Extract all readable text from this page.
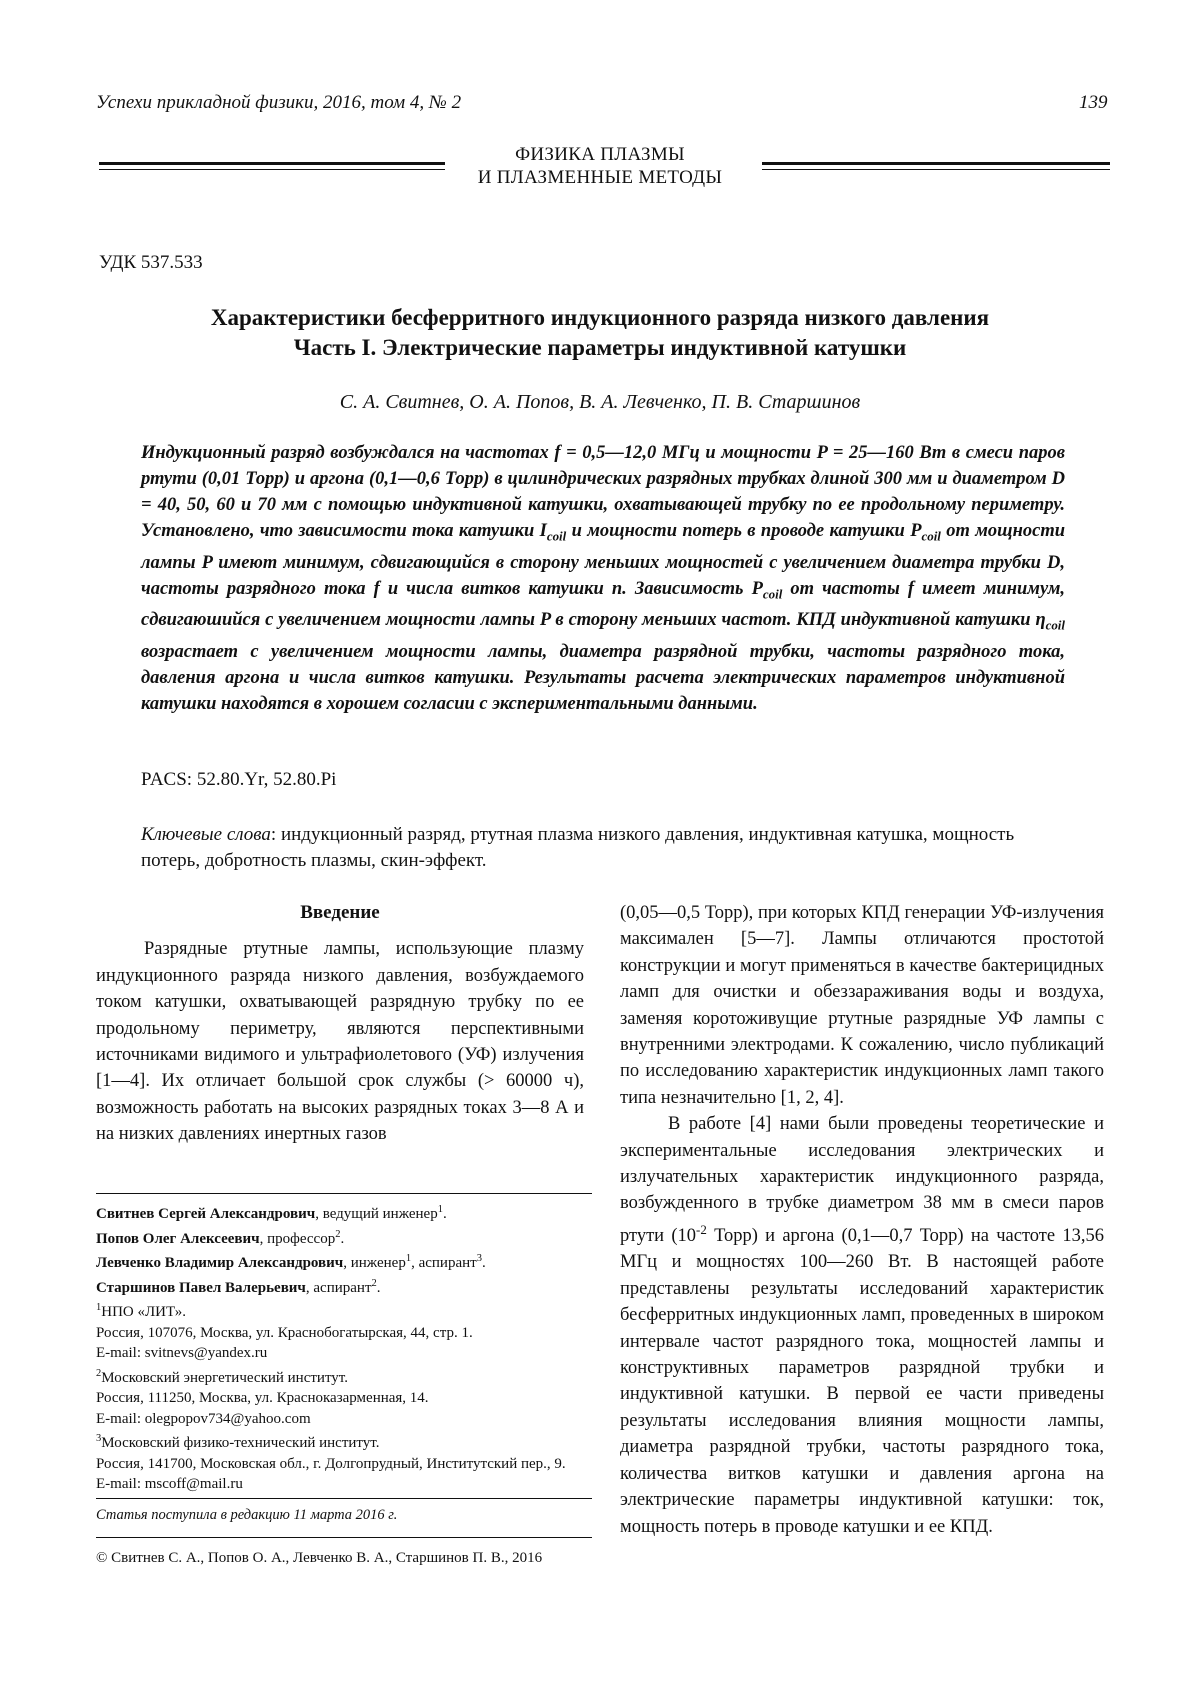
Успехи прикладной физики, 2016, том 4, № 2	139
ФИЗИКА ПЛАЗМЫ
И ПЛАЗМЕННЫЕ МЕТОДЫ
УДК 537.533
Характеристики бесферритного индукционного разряда низкого давления
Часть I. Электрические параметры индуктивной катушки
С. А. Свитнев, О. А. Попов, В. А. Левченко, П. В. Старшинов
Индукционный разряд возбуждался на частотах f = 0,5—12,0 МГц и мощности P = 25—160 Вт в смеси паров ртути (0,01 Торр) и аргона (0,1—0,6 Торр) в цилиндрических разрядных трубках длиной 300 мм и диаметром D = 40, 50, 60 и 70 мм с помощью индуктивной катушки, охватывающей трубку по ее продольному периметру. Установлено, что зависимости тока катушки $I_{coil}$ и мощности потерь в проводе катушки $P_{coil}$ от мощности лампы P имеют минимум, сдвигающийся в сторону меньших мощностей с увеличением диаметра трубки D, частоты разрядного тока f и числа витков катушки n. Зависимость $P_{coil}$ от частоты f имеет минимум, сдвигаюшийся с увеличением мощности лампы P в сторону меньших частот. КПД индуктивной катушки $\eta_{coil}$ возрастает с увеличением мощности лампы, диаметра разрядной трубки, частоты разрядного тока, давления аргона и числа витков катушки. Результаты расчета электрических параметров индуктивной катушки находятся в хорошем согласии с экспериментальными данными.
PACS: 52.80.Yr, 52.80.Pi
Ключевые слова: индукционный разряд, ртутная плазма низкого давления, индуктивная катушка, мощность потерь, добротность плазмы, скин-эффект.
Введение

Разрядные ртутные лампы, использующие плазму индукционного разряда низкого давления, возбуждаемого током катушки, охватывающей разрядную трубку по ее продольному периметру, являются перспективными источниками видимого и ультрафиолетового (УФ) излучения [1—4]. Их отличает большой срок службы (> 60000 ч), возможность работать на высоких разрядных токах 3—8 А и на низких давлениях инертных газов

Свитнев Сергей Александрович, ведущий инженер$^1$.

Попов Олег Алексеевич, профессор$^2$.

Левченко Владимир Александрович, инженер$^1$, аспирант$^3$.

Старшинов Павел Валерьевич, аспирант$^2$.

$^1$НПО «ЛИТ».

Россия, 107076, Москва, ул. Краснобогатырская, 44, стр. 1.

E-mail: svitnevs@yandex.ru

$^2$Московский энергетический институт.

Россия, 111250, Москва, ул. Красноказарменная, 14.

E-mail: olegpopov734@yahoo.com

$^3$Московский физико-технический институт.

Россия, 141700, Московская обл., г. Долгопрудный, Институтский пер., 9.

E-mail: mscoff@mail.ru

Статья поступила в редакцию 11 марта 2016 г.
© Свитнев С. А., Попов О. А., Левченко В. А., Старшинов П. В., 2016

(0,05—0,5 Торр), при которых КПД генерации УФ-излучения максимален [5—7]. Лампы отличаются простотой конструкции и могут применяться в качестве бактерицидных ламп для очистки и обеззараживания воды и воздуха, заменяя коротоживущие ртутные разрядные УФ лампы с внутренними электродами. К сожалению, число публикаций по исследованию характеристик индукционных ламп такого типа незначительно [1, 2, 4].

В работе [4] нами были проведены теоретические и экспериментальные исследования электрических и излучательных характеристик индукционного разряда, возбужденного в трубке диаметром 38 мм в смеси паров ртути ($10^{-2}$ Торр) и аргона (0,1—0,7 Торр) на частоте 13,56 МГц и мощностях 100—260 Вт. В настоящей работе представлены результаты исследований характеристик бесферритных индукционных ламп, проведенных в широком интервале частот разрядного тока, мощностей лампы и конструктивных параметров разрядной трубки и индуктивной катушки. В первой ее части приведены результаты исследования влияния мощности лампы, диаметра разрядной трубки, частоты разрядного тока, количества витков катушки и давления аргона на электрические параметры индуктивной катушки: ток, мощность потерь в проводе катушки и ее КПД.
